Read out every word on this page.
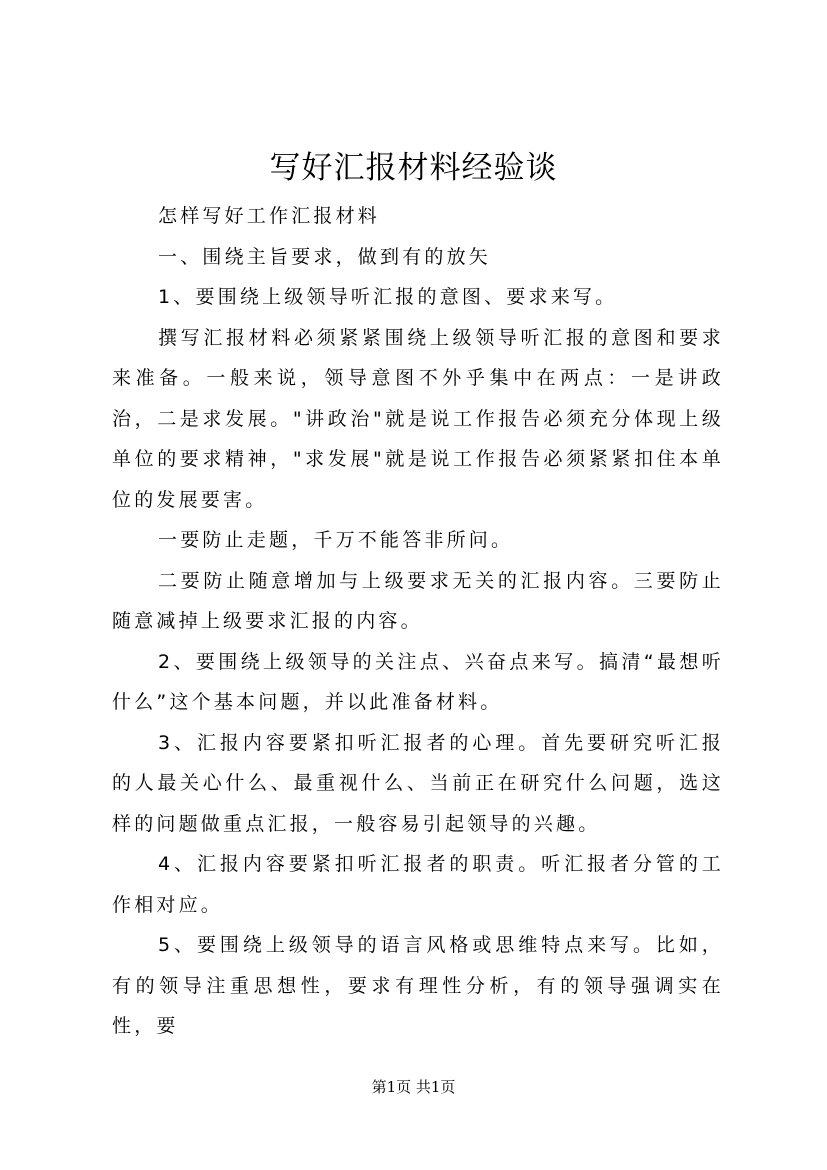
写好汇报材料经验谈

怎样写好工作汇报材料

一、围绕主旨要求，做到有的放矢

1、要围绕上级领导听汇报的意图、要求来写。

撰写汇报材料必须紧紧围绕上级领导听汇报的意图和要求来准备。一般来说，领导意图不外乎集中在两点：一是讲政治，二是求发展。"讲政治"就是说工作报告必须充分体现上级单位的要求精神，"求发展"就是说工作报告必须紧紧扣住本单位的发展要害。

一要防止走题，千万不能答非所问。

二要防止随意增加与上级要求无关的汇报内容。三要防止随意减掉上级要求汇报的内容。

2、要围绕上级领导的关注点、兴奋点来写。搞清“最想听什么”这个基本问题，并以此准备材料。

3、汇报内容要紧扣听汇报者的心理。首先要研究听汇报的人最关心什么、最重视什么、当前正在研究什么问题，选这样的问题做重点汇报，一般容易引起领导的兴趣。

4、汇报内容要紧扣听汇报者的职责。听汇报者分管的工作相对应。

5、要围绕上级领导的语言风格或思维特点来写。比如，有的领导注重思想性，要求有理性分析，有的领导强调实在性，要

第1页 共1页
